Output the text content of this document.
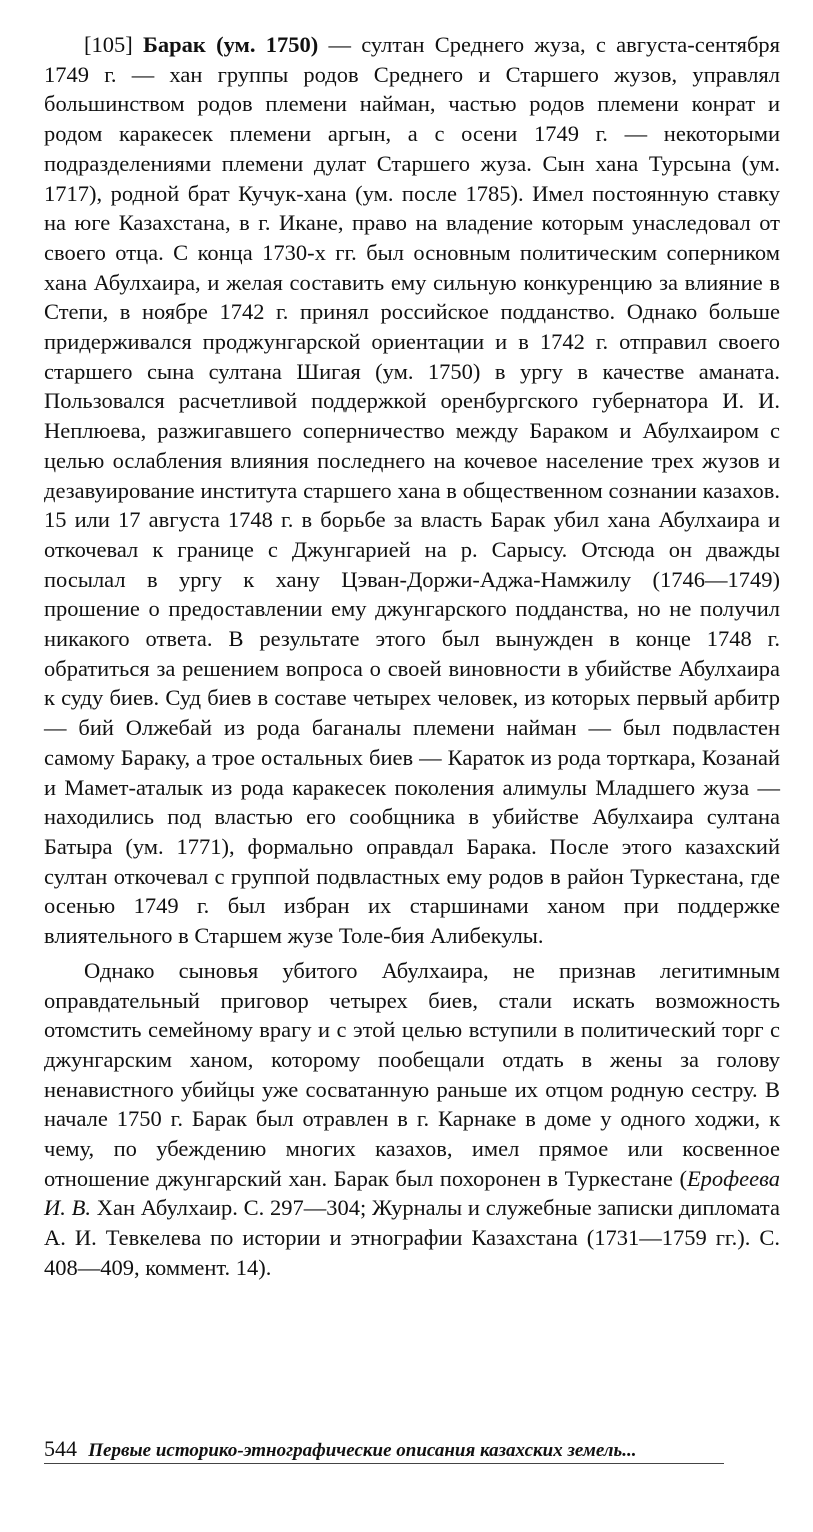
[105] Барак (ум. 1750) — султан Среднего жуза, с августа-сентября 1749 г. — хан группы родов Среднего и Старшего жузов, управлял большинством родов племени найман, частью родов племени конрат и родом каракесек племени аргын, а с осени 1749 г. — некоторыми подразделениями племени дулат Старшего жуза. Сын хана Турсына (ум. 1717), родной брат Кучук-хана (ум. после 1785). Имел постоянную ставку на юге Казахстана, в г. Икане, право на владение которым унаследовал от своего отца. С конца 1730-х гг. был основным политическим соперником хана Абулхаира, и желая составить ему сильную конкуренцию за влияние в Степи, в ноябре 1742 г. принял российское подданство. Однако больше придерживался проджунгарской ориентации и в 1742 г. отправил своего старшего сына султана Шигая (ум. 1750) в ургу в качестве аманата. Пользовался расчетливой поддержкой оренбургского губернатора И. И. Неплюева, разжигавшего соперничество между Бараком и Абулхаиром с целью ослабления влияния последнего на кочевое население трех жузов и дезавуирование института старшего хана в общественном сознании казахов. 15 или 17 августа 1748 г. в борьбе за власть Барак убил хана Абулхаира и откочевал к границе с Джунгарией на р. Сарысу. Отсюда он дважды посылал в ургу к хану Цэван-Доржи-Аджа-Намжилу (1746—1749) прошение о предоставлении ему джунгарского подданства, но не получил никакого ответа. В результате этого был вынужден в конце 1748 г. обратиться за решением вопроса о своей виновности в убийстве Абулхаира к суду биев. Суд биев в составе четырех человек, из которых первый арбитр — бий Олжебай из рода баганалы племени найман — был подвластен самому Бараку, а трое остальных биев — Караток из рода торткара, Козанай и Мамет-аталык из рода каракесек поколения алимулы Младшего жуза — находились под властью его сообщника в убийстве Абулхаира султана Батыра (ум. 1771), формально оправдал Барака. После этого казахский султан откочевал с группой подвластных ему родов в район Туркестана, где осенью 1749 г. был избран их старшинами ханом при поддержке влиятельного в Старшем жузе Толе-бия Алибекулы.

Однако сыновья убитого Абулхаира, не признав легитимным оправдательный приговор четырех биев, стали искать возможность отомстить семейному врагу и с этой целью вступили в политический торг с джунгарским ханом, которому пообещали отдать в жены за голову ненавистного убийцы уже сосватанную раньше их отцом родную сестру. В начале 1750 г. Барак был отравлен в г. Карнаке в доме у одного ходжи, к чему, по убеждению многих казахов, имел прямое или косвенное отношение джунгарский хан. Барак был похоронен в Туркестане (Ерофеева И. В. Хан Абулхаир. С. 297—304; Журналы и служебные записки дипломата А. И. Тевкелева по истории и этнографии Казахстана (1731—1759 гг.). С. 408—409, коммент. 14).

544 Первые историко-этнографические описания казахских земель...
